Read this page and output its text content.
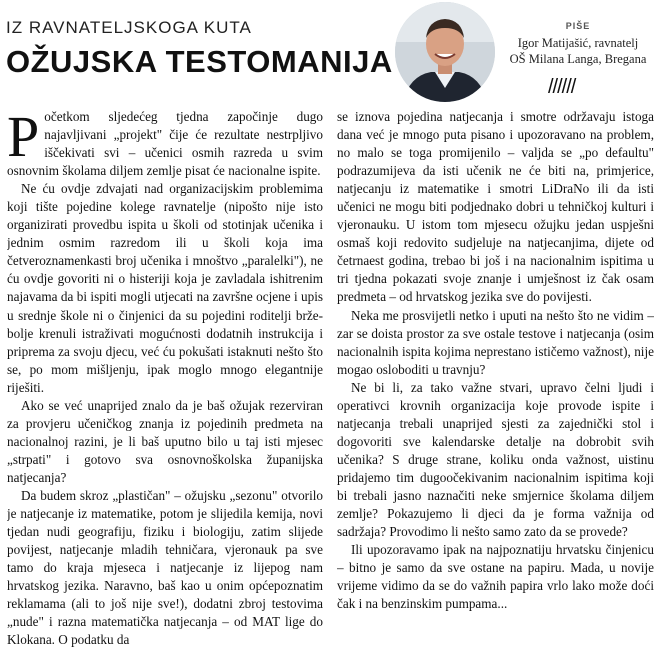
IZ RAVNATELJSKOGA KUTA
OŽUJSKA TESTOMANIJA
PIŠE
Igor Matijašić, ravnatelj
OŠ Milana Langa, Bregana
//////

Početkom sljedećeg tjedna započinje dugo najavljivani „projekt" čije će rezultate nestrpljivo iščekivati svi – učenici osmih razreda u svim osnovnim školama diljem zemlje pisat će nacionalne ispite.

Ne ću ovdje zdvajati nad organizacijskim problemima koji tište pojedine kolege ravnatelje (nipošto nije isto organizirati provedbu ispita u školi od stotinjak učenika i jednim osmim razredom ili u školi koja ima četveroznamenkasti broj učenika i mnoštvo „paralelki"), ne ću ovdje govoriti ni o histeriji koja je zavladala ishitrenim najavama da bi ispiti mogli utjecati na završne ocjene i upis u srednje škole ni o činjenici da su pojedini roditelji brže-bolje krenuli istraživati mogućnosti dodatnih instrukcija i priprema za svoju djecu, već ću pokušati istaknuti nešto što se, po mom mišljenju, ipak moglo mnogo elegantnije riješiti.

Ako se već unaprijed znalo da je baš ožujak rezerviran za provjeru učeničkog znanja iz pojedinih predmeta na nacionalnoj razini, je li baš uputno bilo u taj isti mjesec „strpati" i gotovo sva osnovnoškolska županijska natjecanja?

Da budem skroz „plastičan" – ožujsku „sezonu" otvorilo je natjecanje iz matematike, potom je slijedila kemija, novi tjedan nudi geografiju, fiziku i biologiju, zatim slijede povijest, natjecanje mladih tehničara, vjeronauk pa sve tamo do kraja mjeseca i natjecanje iz lijepog nam hrvatskog jezika. Naravno, baš kao u onim općepoznatim reklamama (ali to još nije sve!), dodatni zbroj testovima „nude" i razna matematička natjecanja – od MAT lige do Klokana. O podatku da

se iznova pojedina natjecanja i smotre održavaju istoga dana već je mnogo puta pisano i upozoravano na problem, no malo se toga promijenilo – valjda se „po defaultu" podrazumijeva da isti učenik ne će biti na, primjerice, natjecanju iz matematike i smotri LiDraNo ili da isti učenici ne mogu biti podjednako dobri u tehničkoj kulturi i vjeronauku. U istom tom mjesecu ožujku jedan uspješni osmaš koji redovito sudjeluje na natjecanjima, dijete od četrnaest godina, trebao bi još i na nacionalnim ispitima u tri tjedna pokazati svoje znanje i umješnost iz čak osam predmeta – od hrvatskog jezika sve do povijesti.

Neka me prosvijetli netko i uputi na nešto što ne vidim – zar se doista prostor za sve ostale testove i natjecanja (osim nacionalnih ispita kojima neprestano ističemo važnost), nije mogao osloboditi u travnju?

Ne bi li, za tako važne stvari, upravo čelni ljudi i operativci krovnih organizacija koje provode ispite i natjecanja trebali unaprijed sjesti za zajednički stol i dogovoriti sve kalendarske detalje na dobrobit svih učenika? S druge strane, koliku onda važnost, uistinu pridajemo tim dugoočekivanim nacionalnim ispitima koji bi trebali jasno naznačiti neke smjernice školama diljem zemlje? Pokazujemo li djeci da je forma važnija od sadržaja? Provodimo li nešto samo zato da se provede?

Ili upozoravamo ipak na najpoznatiju hrvatsku činjenicu – bitno je samo da sve ostane na papiru. Mada, u novije vrijeme vidimo da se do važnih papira vrlo lako može doći čak i na benzinskim pumpama...
